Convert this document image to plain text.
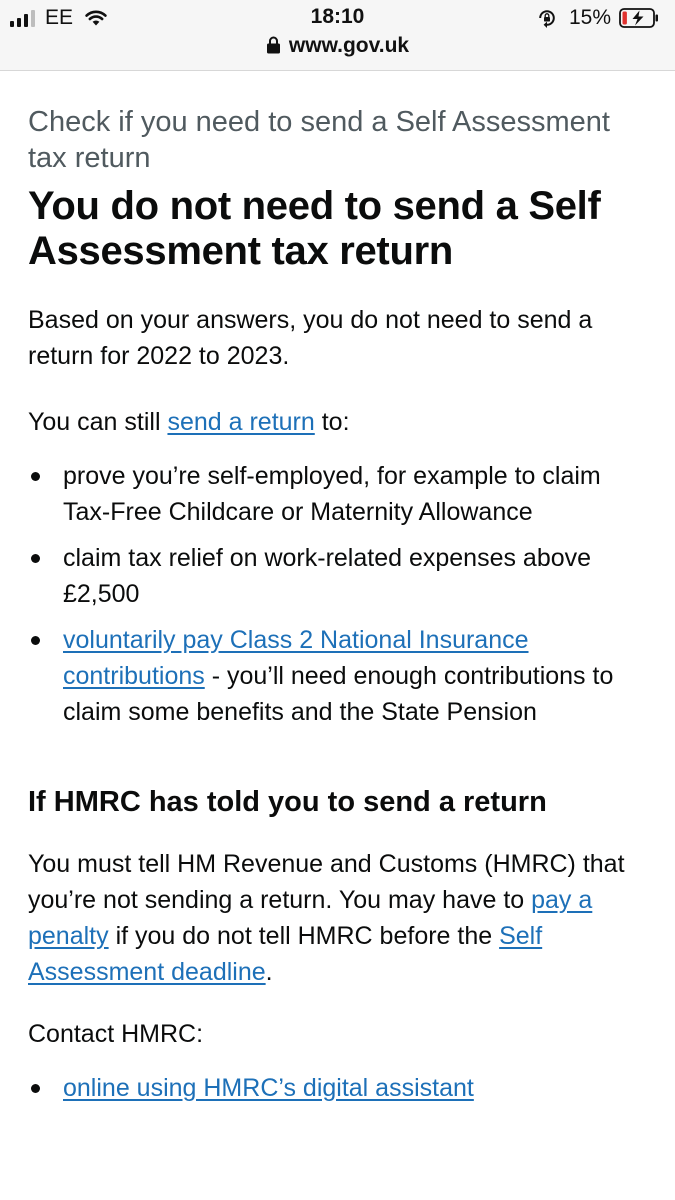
EE	18:10	15%
www.gov.uk
Check if you need to send a Self Assessment tax return
You do not need to send a Self Assessment tax return

Based on your answers, you do not need to send a return for 2022 to 2023.

You can still send a return to:

prove you’re self-employed, for example to claim Tax-Free Childcare or Maternity Allowance
claim tax relief on work-related expenses above £2,500
voluntarily pay Class 2 National Insurance contributions - you’ll need enough contributions to claim some benefits and the State Pension
If HMRC has told you to send a return

You must tell HM Revenue and Customs (HMRC) that you’re not sending a return. You may have to pay a penalty if you do not tell HMRC before the Self Assessment deadline.

Contact HMRC:

online using HMRC’s digital assistant
